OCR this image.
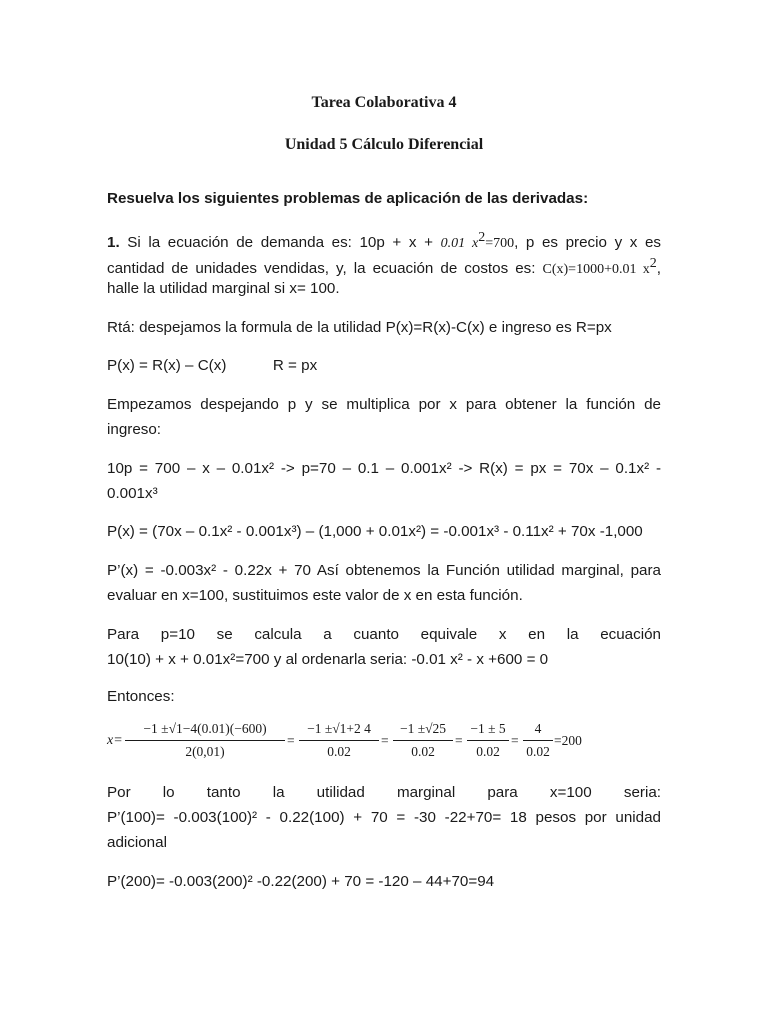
Tarea Colaborativa 4
Unidad 5 Cálculo Diferencial
Resuelva los siguientes problemas de aplicación de las derivadas:
1. Si la ecuación de demanda es: 10p + x + 0.01 $x^2=700$, p es precio y x es
cantidad de unidades vendidas, y, la ecuación de costos es: C(x)=1000+0.01 $x^2$,
halle la utilidad marginal si x= 100.
Rtá: despejamos la formula de la utilidad P(x)=R(x)-C(x) e ingreso es R=px
P(x) = R(x) – C(x)	R = px
Empezamos despejando p y se multiplica por x para obtener la función de
ingreso:
10p = 700 – x – 0.01x² -> p=70 – 0.1 – 0.001x² -> R(x) = px = 70x – 0.1x² -
0.001x³
P(x) = (70x – 0.1x² - 0.001x³) – (1,000 + 0.01x²) = -0.001x³ - 0.11x² + 70x -1,000
P’(x) = -0.003x² - 0.22x + 70 Así obtenemos la Función utilidad marginal, para
evaluar en x=100, sustituimos este valor de x en esta función.
Para p=10 se calcula a cuanto equivale x en la ecuación
10(10) + x + 0.01x²=700 y al ordenarla seria: -0.01 x² - x +600 = 0
Entonces:
$x= \frac{-1 \pm√1-4(0.01)(-600)}{2(0,01)} = \frac{-1 \pm√1+2 4}{0.02} = \frac{-1 \pm√25}{0.02} = \frac{-1 \pm 5}{0.02} = \frac{4}{0.02} =200$
Por lo tanto la utilidad marginal para x=100 seria:
P’(100)= -0.003(100)² - 0.22(100) + 70 = -30 -22+70= 18 pesos por unidad
adicional
P’(200)= -0.003(200)² -0.22(200) + 70 = -120 – 44+70=94
